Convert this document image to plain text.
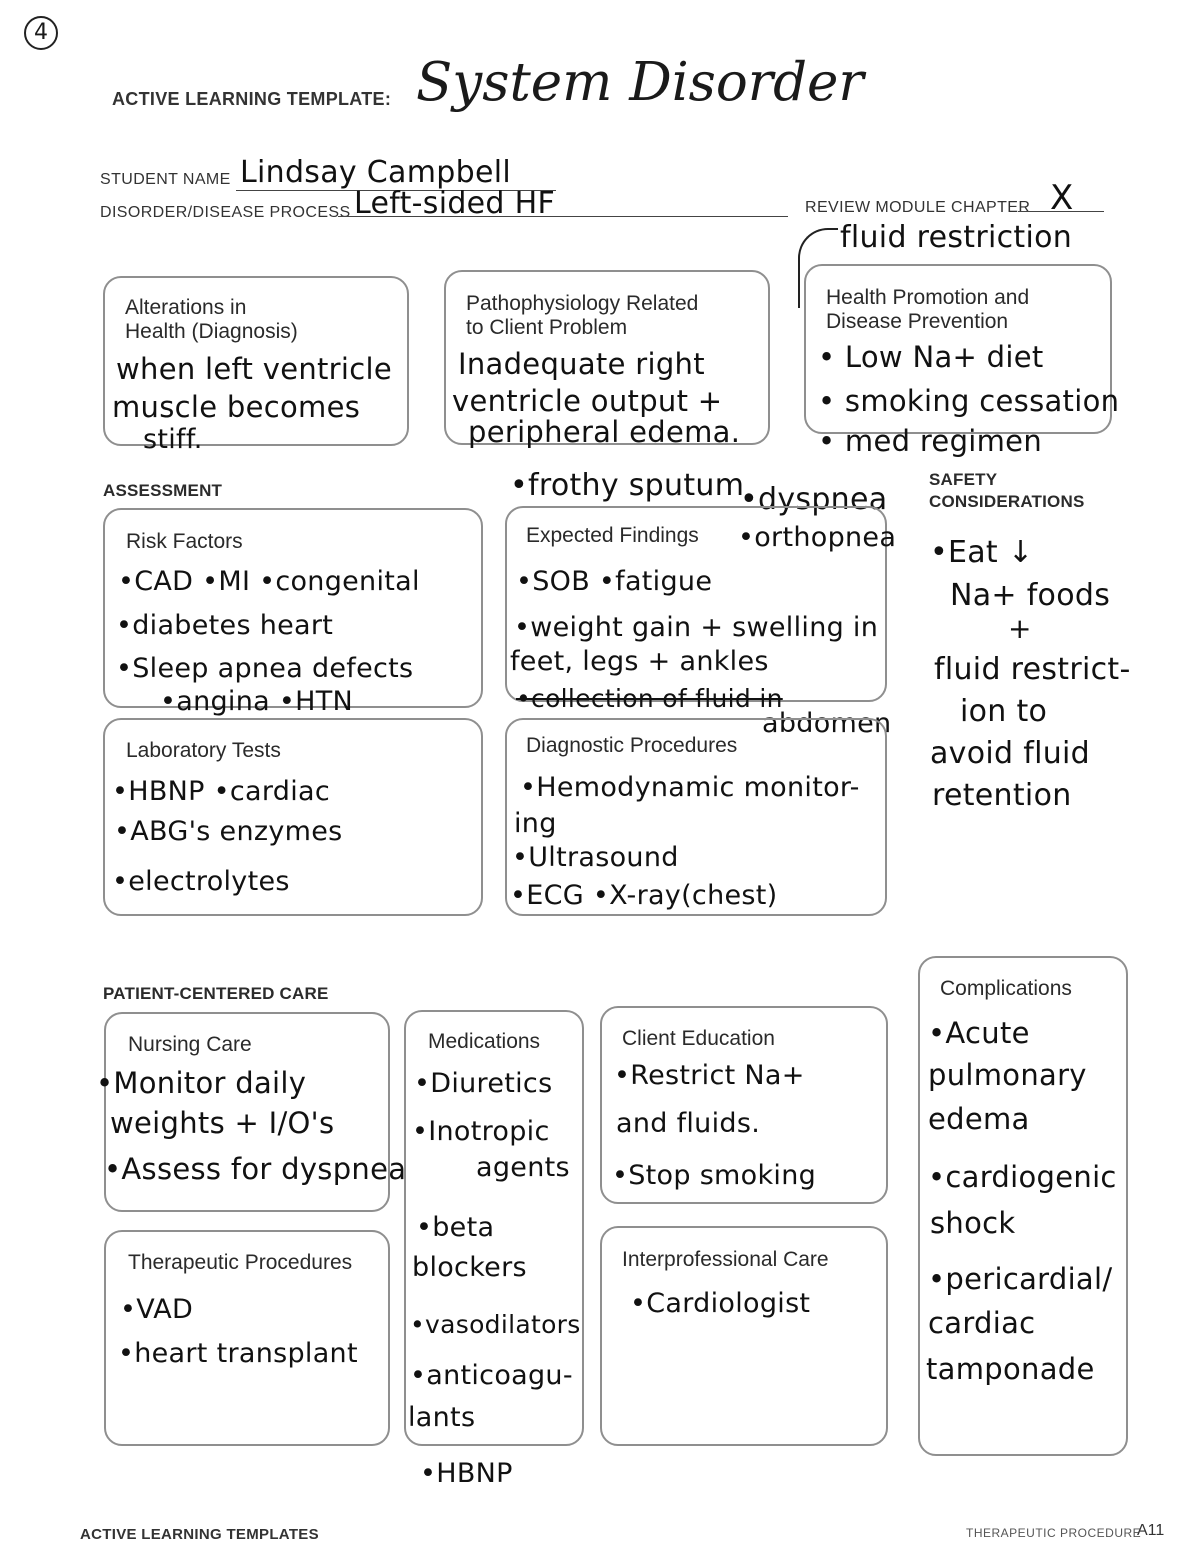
4
ACTIVE LEARNING TEMPLATE: System Disorder
STUDENT NAME Lindsay Campbell
DISORDER/DISEASE PROCESS Left-sided HF	REVIEW MODULE CHAPTER X
Alterations in
Health (Diagnosis)
when left ventricle
muscle becomes
stiff.
Pathophysiology Related
to Client Problem
Inadequate right
ventricle output +
peripheral edema.
fluid restriction
Health Promotion and
Disease Prevention
• Low Na+ diet
• smoking cessation
• med regimen
ASSESSMENT
Risk Factors
•CAD •MI •congenital
•diabetes heart
•Sleep apnea defects
•angina •HTN
•frothy sputum
•dyspnea
Expected Findings •orthopnea
•SOB •fatigue
•weight gain + swelling in
feet, legs + ankles
•collection of fluid in
abdomen
SAFETY
CONSIDERATIONS
•Eat ↓
Na+ foods
+
fluid restrict-
ion to
avoid fluid
retention
Laboratory Tests
•HBNP •cardiac
•ABG's enzymes
•electrolytes
Diagnostic Procedures
•Hemodynamic monitor-
ing
•Ultrasound
•ECG •X-ray(chest)
PATIENT-CENTERED CARE
Nursing Care
•Monitor daily
weights + I/O's
•Assess for dyspnea
Medications
•Diuretics
•Inotropic
agents
•beta
blockers
•vasodilators
•anticoagu-
lants
•HBNP
Client Education
•Restrict Na+
and fluids.
•Stop smoking
Therapeutic Procedures
•VAD
•heart transplant
Interprofessional Care
•Cardiologist
Complications
•Acute
pulmonary
edema
•cardiogenic
shock
•pericardial/
cardiac
tamponade
ACTIVE LEARNING TEMPLATES	THERAPEUTIC PROCEDURE
A11
